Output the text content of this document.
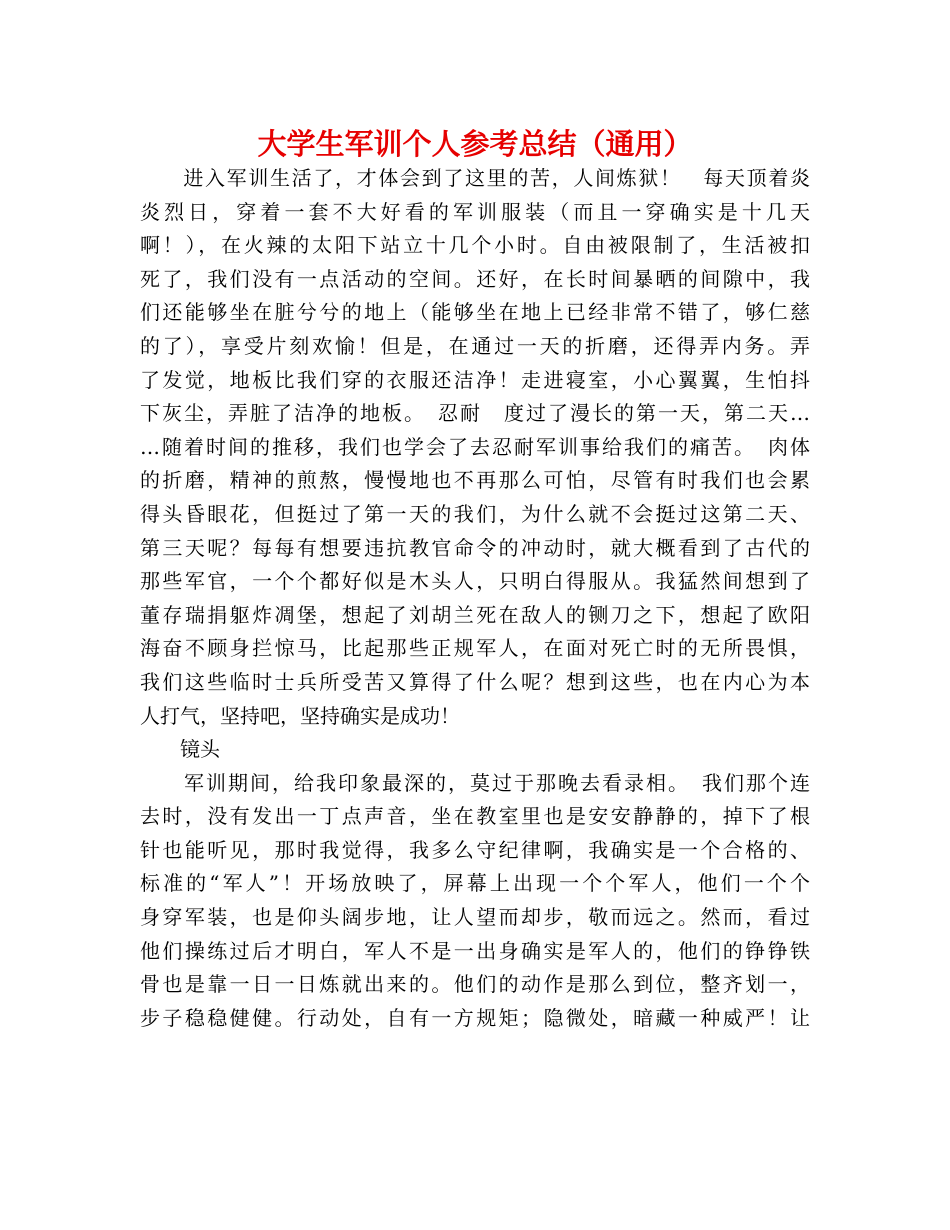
大学生军训个人参考总结（通用）
　　进入军训生活了，才体会到了这里的苦，人间炼狱！　每天顶着炎
炎烈日，穿着一套不大好看的军训服装（而且一穿确实是十几天
啊！），在火辣的太阳下站立十几个小时。自由被限制了，生活被扣
死了，我们没有一点活动的空间。还好，在长时间暴晒的间隙中，我
们还能够坐在脏兮兮的地上（能够坐在地上已经非常不错了，够仁慈
的了），享受片刻欢愉！但是，在通过一天的折磨，还得弄内务。弄
了发觉，地板比我们穿的衣服还洁净！走进寝室，小心翼翼，生怕抖
下灰尘，弄脏了洁净的地板。　忍耐　度过了漫长的第一天，第二天…
…随着时间的推移，我们也学会了去忍耐军训事给我们的痛苦。　肉体
的折磨，精神的煎熬，慢慢地也不再那么可怕，尽管有时我们也会累
得头昏眼花，但挺过了第一天的我们，为什么就不会挺过这第二天、
第三天呢？每每有想要违抗教官命令的冲动时，就大概看到了古代的
那些军官，一个个都好似是木头人，只明白得服从。我猛然间想到了
董存瑞捐躯炸凋堡，想起了刘胡兰死在敌人的铡刀之下，想起了欧阳
海奋不顾身拦惊马，比起那些正规军人，在面对死亡时的无所畏惧，
我们这些临时士兵所受苦又算得了什么呢？想到这些，也在内心为本
人打气，坚持吧，坚持确实是成功！
　　镜头
　　军训期间，给我印象最深的，莫过于那晚去看录相。　我们那个连
去时，没有发出一丁点声音，坐在教室里也是安安静静的，掉下了根
针也能听见，那时我觉得，我多么守纪律啊，我确实是一个合格的、
标准的“军人”！开场放映了，屏幕上出现一个个军人，他们一个个
身穿军装，也是仰头阔步地，让人望而却步，敬而远之。然而，看过
他们操练过后才明白，军人不是一出身确实是军人的，他们的铮铮铁
骨也是靠一日一日炼就出来的。他们的动作是那么到位，整齐划一，
步子稳稳健健。行动处，自有一方规矩；隐微处，暗藏一种威严！让
